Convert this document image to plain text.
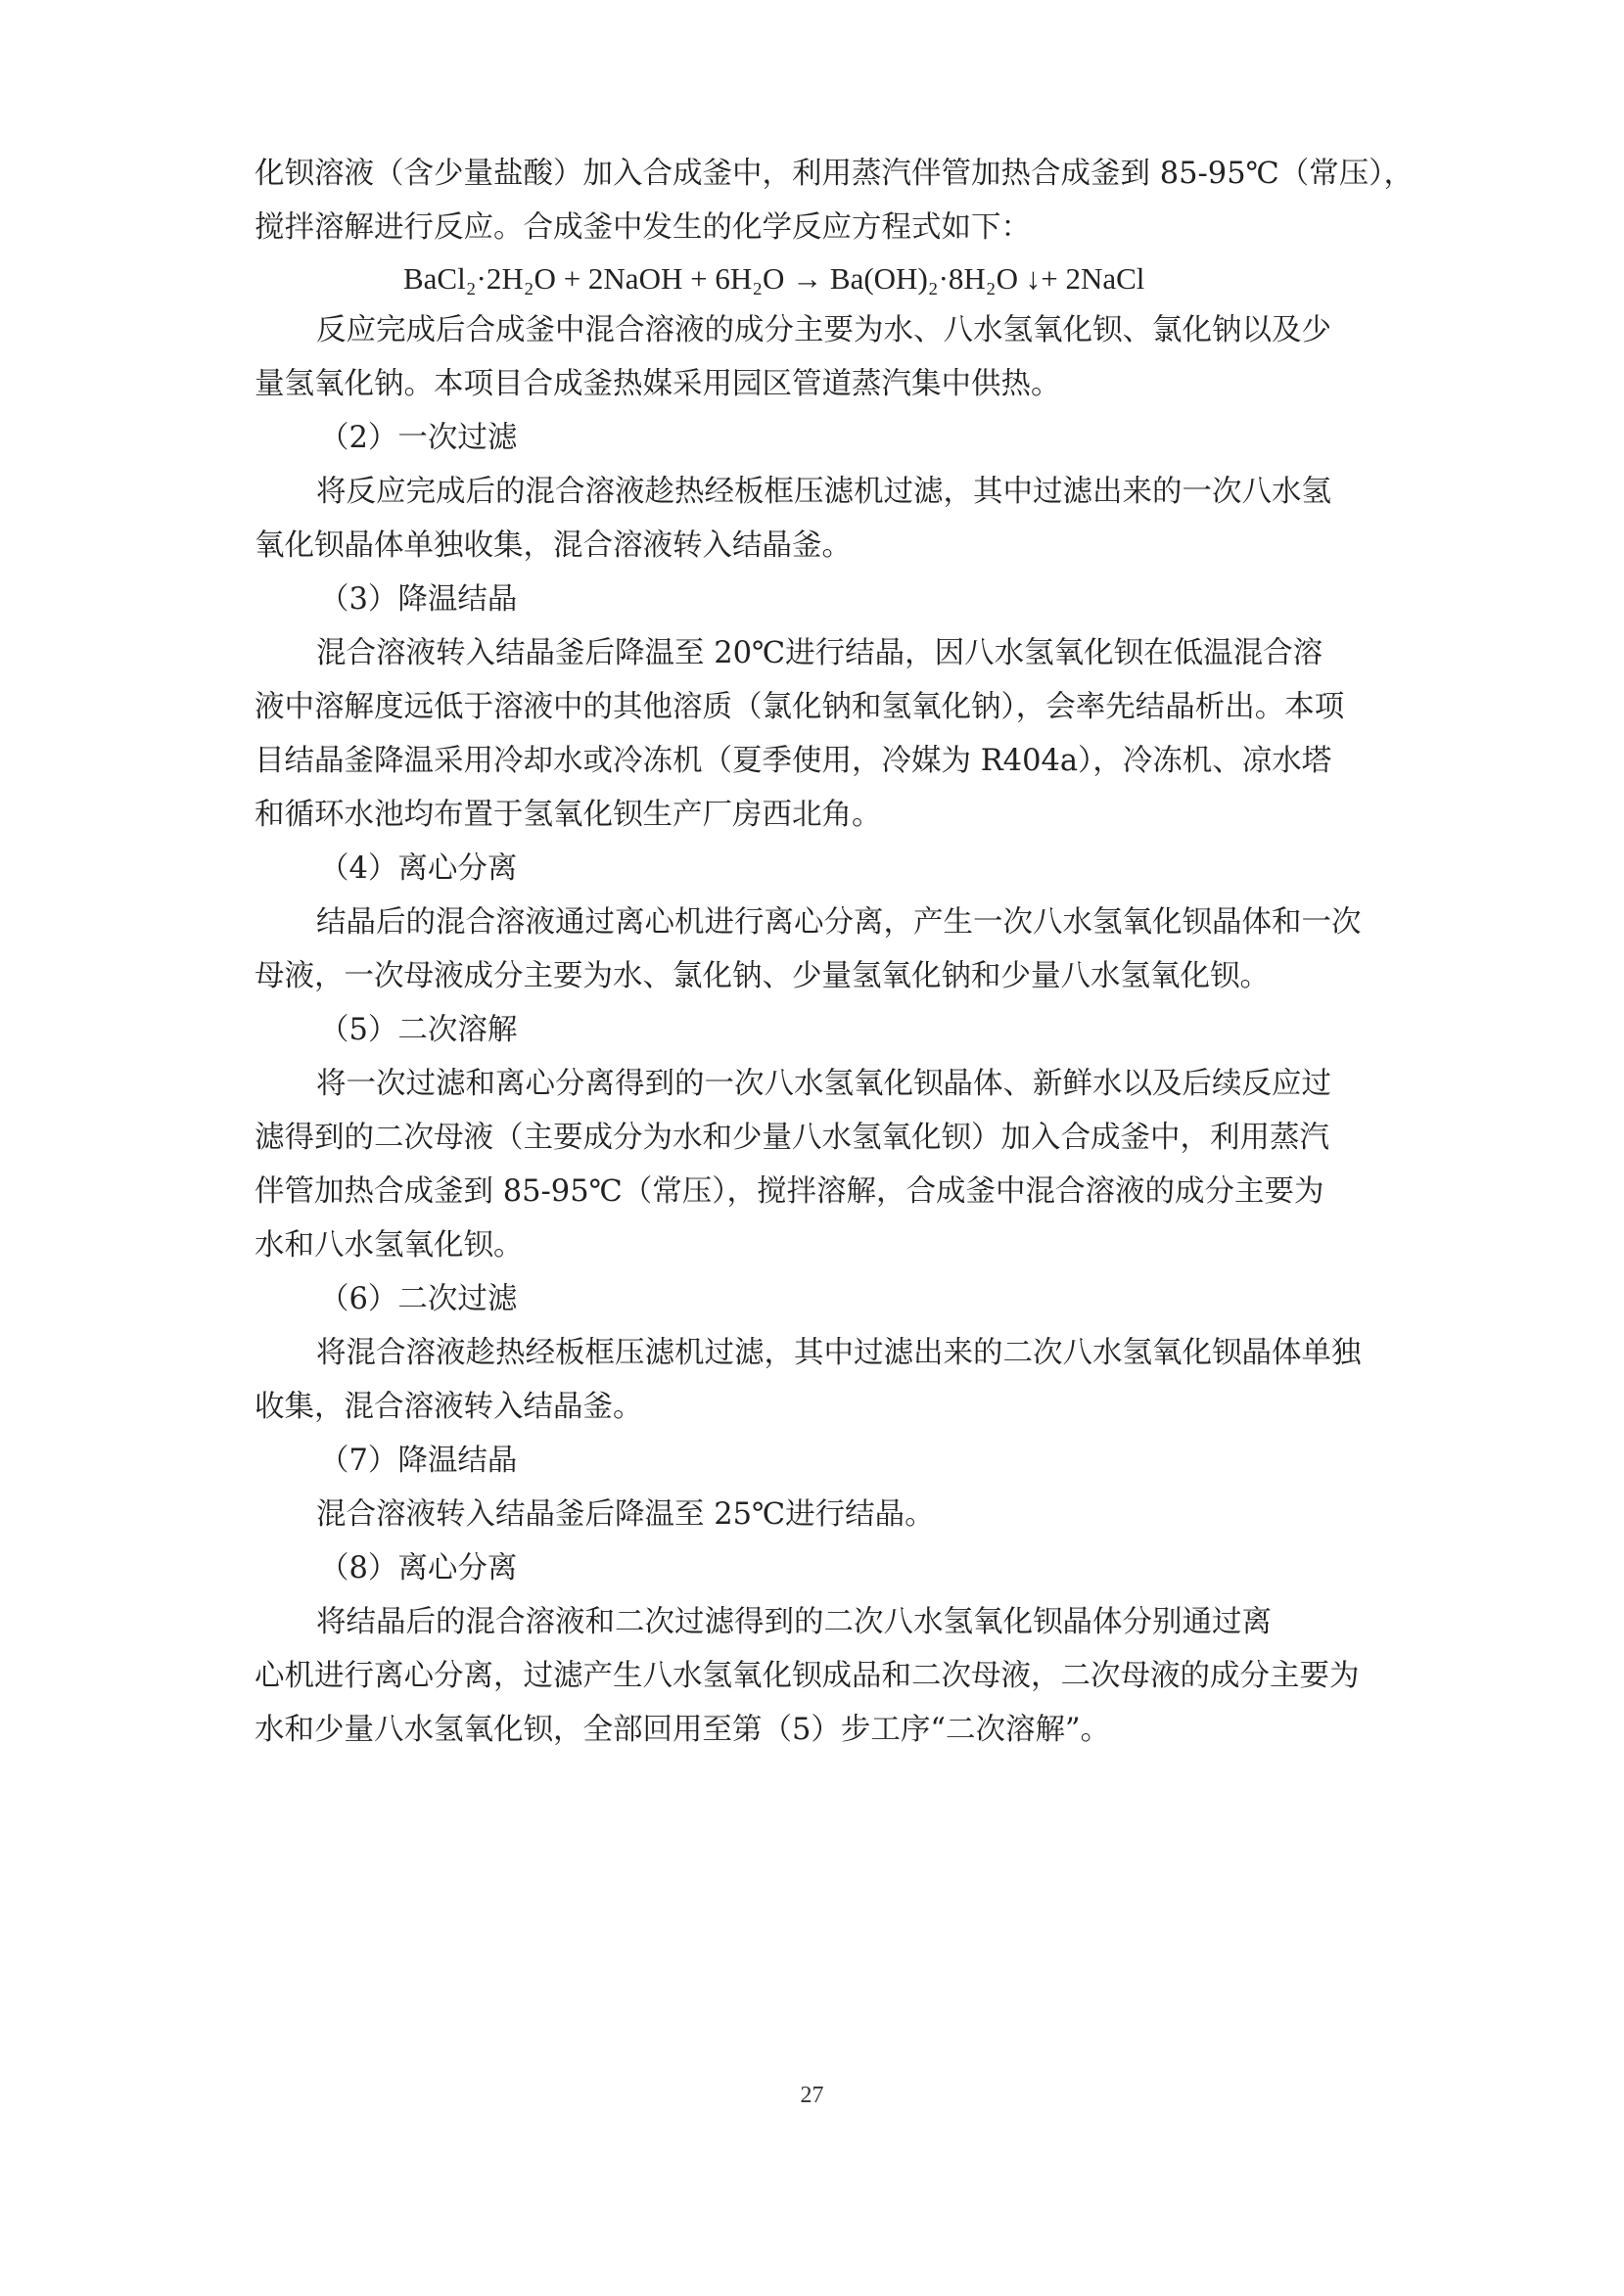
化钡溶液（含少量盐酸）加入合成釜中，利用蒸汽伴管加热合成釜到 85-95℃（常压），
搅拌溶解进行反应。合成釜中发生的化学反应方程式如下：
BaCl₂·2H₂O + 2NaOH + 6H₂O → Ba(OH)₂·8H₂O ↓+ 2NaCl
反应完成后合成釜中混合溶液的成分主要为水、八水氢氧化钡、氯化钠以及少
量氢氧化钠。本项目合成釜热媒采用园区管道蒸汽集中供热。
（2）一次过滤
将反应完成后的混合溶液趁热经板框压滤机过滤，其中过滤出来的一次八水氢
氧化钡晶体单独收集，混合溶液转入结晶釜。
（3）降温结晶
混合溶液转入结晶釜后降温至 20℃进行结晶，因八水氢氧化钡在低温混合溶
液中溶解度远低于溶液中的其他溶质（氯化钠和氢氧化钠），会率先结晶析出。本项
目结晶釜降温采用冷却水或冷冻机（夏季使用，冷媒为 R404a），冷冻机、凉水塔
和循环水池均布置于氢氧化钡生产厂房西北角。
（4）离心分离
结晶后的混合溶液通过离心机进行离心分离，产生一次八水氢氧化钡晶体和一次
母液，一次母液成分主要为水、氯化钠、少量氢氧化钠和少量八水氢氧化钡。
（5）二次溶解
将一次过滤和离心分离得到的一次八水氢氧化钡晶体、新鲜水以及后续反应过
滤得到的二次母液（主要成分为水和少量八水氢氧化钡）加入合成釜中，利用蒸汽
伴管加热合成釜到 85-95℃（常压），搅拌溶解，合成釜中混合溶液的成分主要为
水和八水氢氧化钡。
（6）二次过滤
将混合溶液趁热经板框压滤机过滤，其中过滤出来的二次八水氢氧化钡晶体单独
收集，混合溶液转入结晶釜。
（7）降温结晶
混合溶液转入结晶釜后降温至 25℃进行结晶。
（8）离心分离
将结晶后的混合溶液和二次过滤得到的二次八水氢氧化钡晶体分别通过离
心机进行离心分离，过滤产生八水氢氧化钡成品和二次母液，二次母液的成分主要为
水和少量八水氢氧化钡，全部回用至第（5）步工序“二次溶解”。
27
